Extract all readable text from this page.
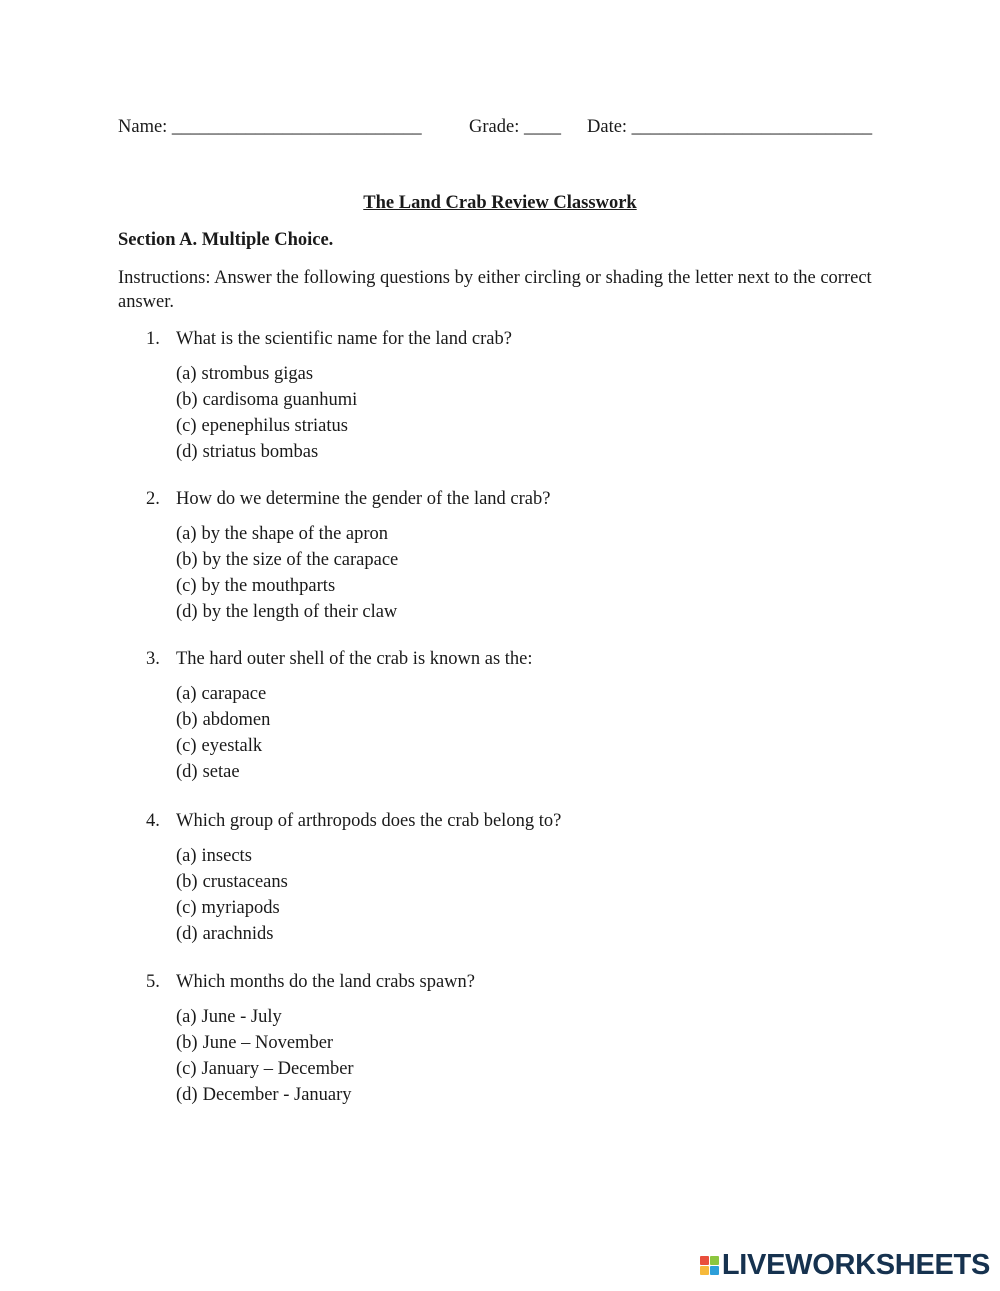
Name: ___________________________	Grade: ____ Date: __________________________
The Land Crab Review Classwork
Section A. Multiple Choice.
Instructions: Answer the following questions by either circling or shading the letter next to the correct answer.
1. What is the scientific name for the land crab?
(a) strombus gigas
(b) cardisoma guanhumi
(c) epenephilus striatus
(d) striatus bombas
2. How do we determine the gender of the land crab?
(a) by the shape of the apron
(b) by the size of the carapace
(c) by the mouthparts
(d) by the length of their claw
3. The hard outer shell of the crab is known as the:
(a) carapace
(b) abdomen
(c) eyestalk
(d) setae
4. Which group of arthropods does the crab belong to?
(a) insects
(b) crustaceans
(c) myriapods
(d) arachnids
5. Which months do the land crabs spawn?
(a) June - July
(b) June – November
(c) January – December
(d) December - January
LIVEWORKSHEETS
